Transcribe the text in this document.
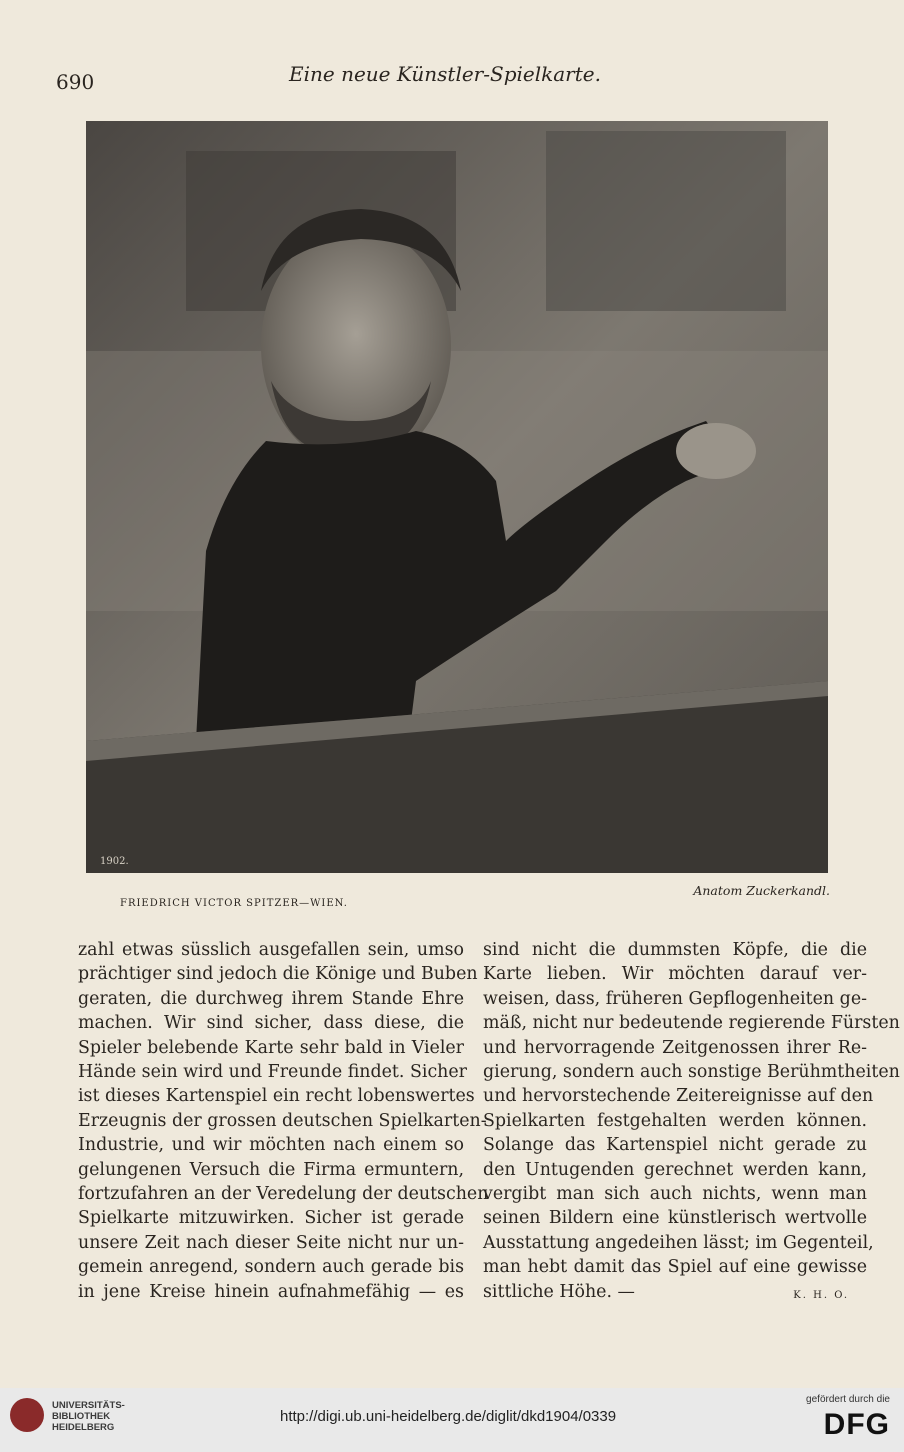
690	Eine neue Künstler-Spielkarte.
1902.
FRIEDRICH VICTOR SPITZER—WIEN.
Anatom Zuckerkandl.
zahl etwas süsslich ausgefallen sein, umso
prächtiger sind jedoch die Könige und Buben
geraten, die durchweg ihrem Stande Ehre
machen. Wir sind sicher, dass diese, die
Spieler belebende Karte sehr bald in Vieler
Hände sein wird und Freunde findet. Sicher
ist dieses Kartenspiel ein recht lobenswertes
Erzeugnis der grossen deutschen Spielkarten-
Industrie, und wir möchten nach einem so
gelungenen Versuch die Firma ermuntern,
fortzufahren an der Veredelung der deutschen
Spielkarte mitzuwirken. Sicher ist gerade
unsere Zeit nach dieser Seite nicht nur un-
gemein anregend, sondern auch gerade bis
in jene Kreise hinein aufnahmefähig — es
sind nicht die dummsten Köpfe, die die
Karte lieben. Wir möchten darauf ver-
weisen, dass, früheren Gepflogenheiten ge-
mäß, nicht nur bedeutende regierende Fürsten
und hervorragende Zeitgenossen ihrer Re-
gierung, sondern auch sonstige Berühmtheiten
und hervorstechende Zeitereignisse auf den
Spielkarten festgehalten werden können.
Solange das Kartenspiel nicht gerade zu
den Untugenden gerechnet werden kann,
vergibt man sich auch nichts, wenn man
seinen Bildern eine künstlerisch wertvolle
Ausstattung angedeihen lässt; im Gegenteil,
man hebt damit das Spiel auf eine gewisse
sittliche Höhe. —	K. H. O.
UNIVERSITÄTS-
BIBLIOTHEK
HEIDELBERG
http://digi.ub.uni-heidelberg.de/diglit/dkd1904/0339
gefördert durch die
DFG
